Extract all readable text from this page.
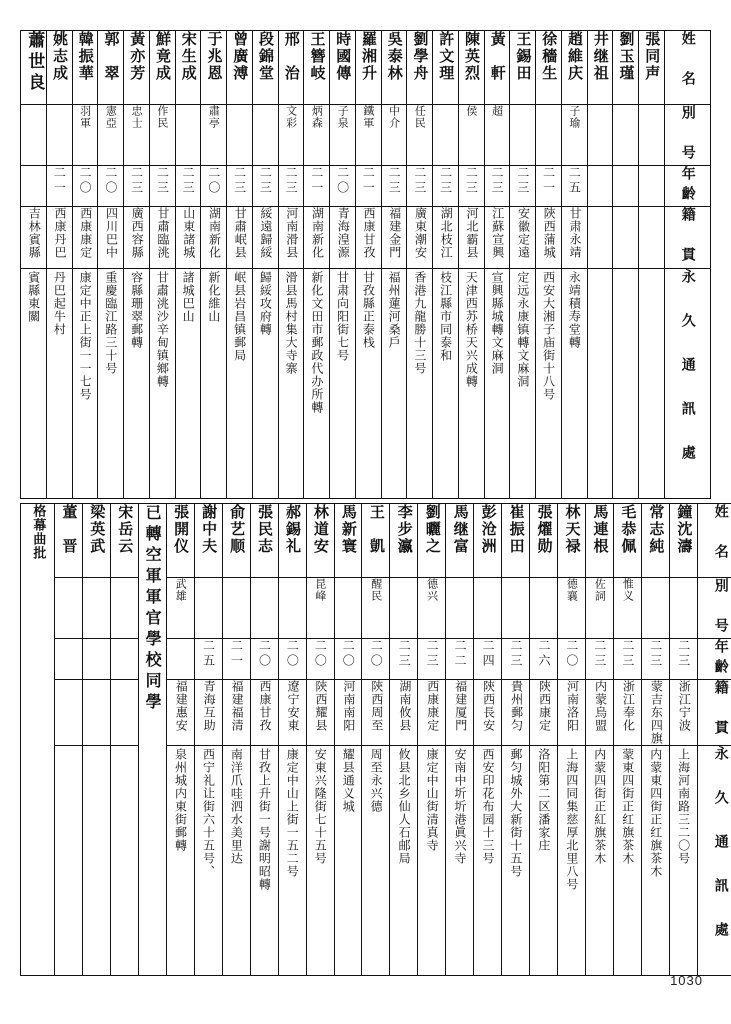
蕭世良	姚志成	韓振華	郭　翠	黃亦芳	鮮竟成	宋生成	于兆恩	曾廣溥	段錦堂	邢　治	王簪岐	時國傳	羅湘升	吳泰林	劉學舟	許文理	陳英烈	黃　軒	王錫田	徐穡生	趙維庆	井继祖	劉玉瑾	張同声	姓　名

		羽軍	憲亞	忠士	作民		肅亭			文彩	炳森	子泉	鐵軍	中介	任民		侯	超			子瑜				別　号

	二一	二〇	二〇	二三	二三	二三	二〇	二三	二三	二三	二一	二〇	二一	二三	二三	二三	二三	二三	二三	二一	二五				年齡

吉林賓縣	西康丹巴	西康康定	四川巴中	廣西容縣	甘肅臨洮	山東諸城	湖南新化	甘肅岷县	綏遠歸綏	河南滑县	湖南新化	青海湟源	西康甘孜	福建金門	廣東潮安	湖北枝江	河北霸县	江蘇宣興	安徽定遠	陝西蒲城	甘肃永靖				籍　貫

賓縣東關	丹巴起牛村	康定中正上街一一七号	重慶臨江路三十号	容縣珊翠郵轉	甘肅洮沙辛甸镇鄉轉	諸城巴山	新化維山	岷县岩昌镇郵局	歸綏攻府轉	滑县馬村集大寺寨	新化文田市郵政代办所轉	甘肃向阳街七号	甘孜縣正泰栈	福州蓮河桑戶	香港九龍勝十三号	枝江縣市同泰和	天津西苏桥天兴成轉	宣興縣城轉文麻洞	定远永康镇轉文麻洞	西安大湘子庙街十八号	永靖積寿堂轉				永　久　通　訊　處
格幕曲批	董　晋	梁英武	宋岳云	已轉空軍軍官學校同學	張開仪	謝中夫	俞艺顺	張民志	郝錫礼	林道安	馬新寰	王　凱	李步瀛	劉曬之	馬继富	彭沧洲	崔振田	張燿勋	林天禄	馬連根	毛恭佩	常志純	鐘沈濤	姓　名

					武雄					昆峰		醒民		德兴					德襄	佐詞	惟义			別　号

						二五	二一	二〇	二〇	二〇	二〇	二〇	二三	二三	二二	二四	二三	二六	二〇	二三	二三	二三	二三	年齡

					福建惠安	青海互助	福建福清	西康甘孜	遼宁安東	陝西耀县	河南南阳	陝西周至	湖南攸县	西康康定	福建厦門	陝西長安	貴州郵匀	陝西康定	河南洛阳	内蒙烏盟	浙江奉化	蒙吉东四旗	浙江宁波	籍　貫

					泉州城内東街郵轉	西宁礼让街六十五号、	南洋爪哇泗水美里达	甘孜上升街一号謝明昭轉	康定中山上街一五二号	安東兴隆街七十五号	耀县通义城	周至永兴德	攸县北乡仙人石邮局	康定中山街清真寺	安南中圻圻港眞兴寺	西安印花布园十三号	郵匀城外大新街十五号	洛阳第二区潘家庄	上海四同集慈厚北里八号	内蒙四街正紅旗茶木	蒙東四街正红旗茶木	内蒙東四街正红旗茶木	上海河南路三二〇号	永　久　通　訊　處
1030
